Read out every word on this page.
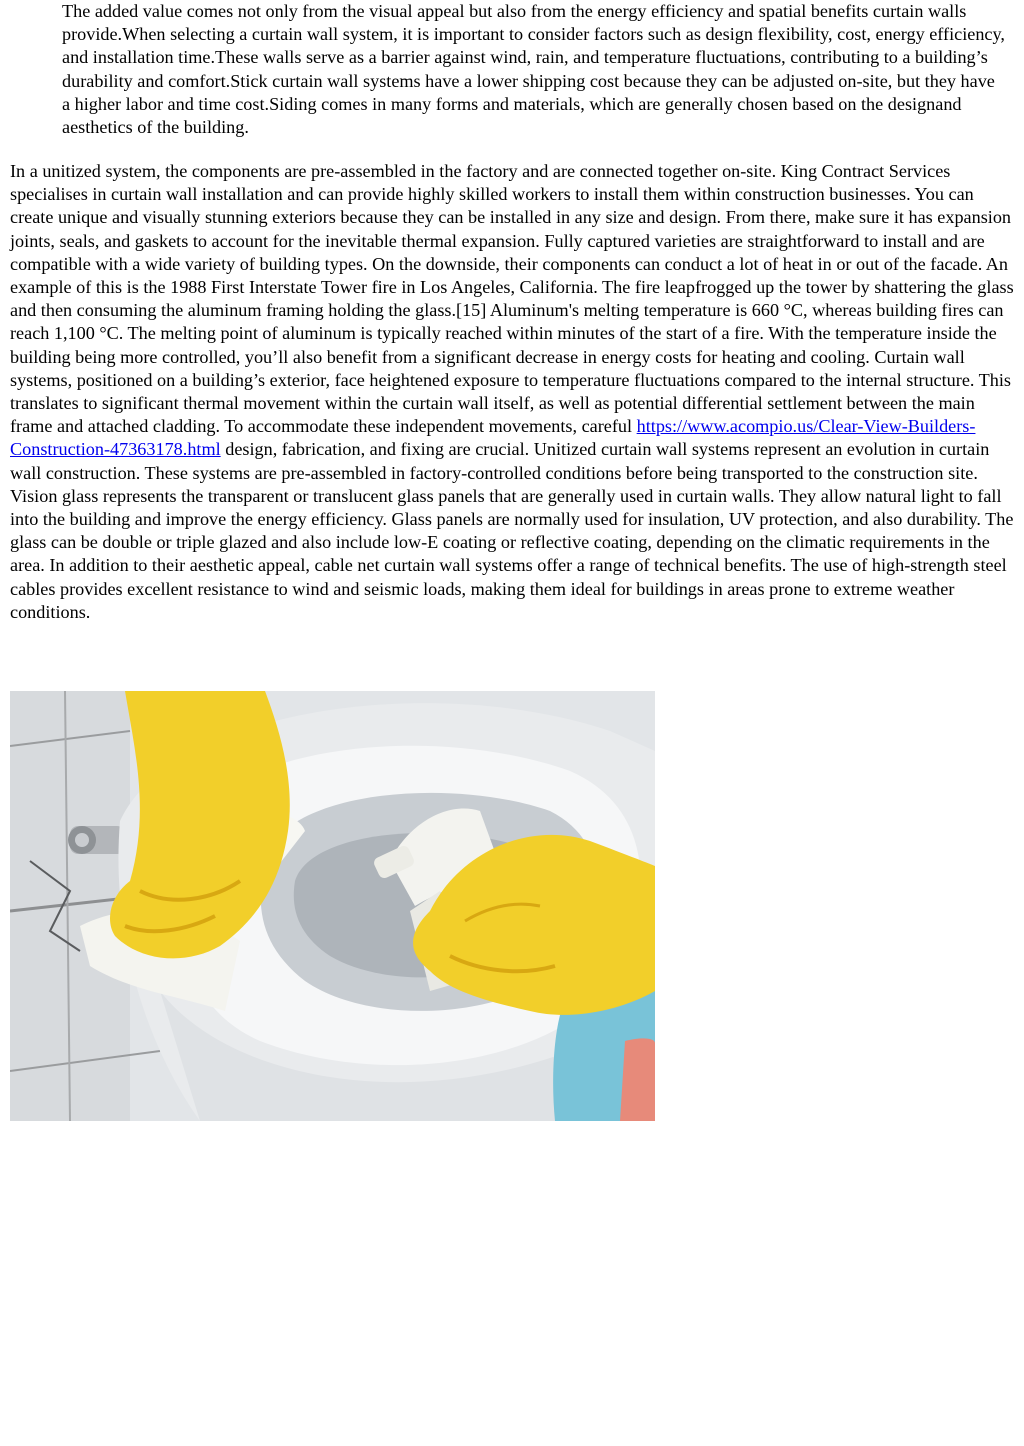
The added value comes not only from the visual appeal but also from the energy efficiency and spatial benefits curtain walls provide.When selecting a curtain wall system, it is important to consider factors such as design flexibility, cost, energy efficiency, and installation time.These walls serve as a barrier against wind, rain, and temperature fluctuations, contributing to a building’s durability and comfort.Stick curtain wall systems have a lower shipping cost because they can be adjusted on-site, but they have a higher labor and time cost.Siding comes in many forms and materials, which are generally chosen based on the designand aesthetics of the building.

In a unitized system, the components are pre-assembled in the factory and are connected together on-site. King Contract Services specialises in curtain wall installation and can provide highly skilled workers to install them within construction businesses. You can create unique and visually stunning exteriors because they can be installed in any size and design. From there, make sure it has expansion joints, seals, and gaskets to account for the inevitable thermal expansion. Fully captured varieties are straightforward to install and are compatible with a wide variety of building types. On the downside, their components can conduct a lot of heat in or out of the facade. An example of this is the 1988 First Interstate Tower fire in Los Angeles, California. The fire leapfrogged up the tower by shattering the glass and then consuming the aluminum framing holding the glass.[15] Aluminum's melting temperature is 660 °C, whereas building fires can reach 1,100 °C. The melting point of aluminum is typically reached within minutes of the start of a fire. With the temperature inside the building being more controlled, you’ll also benefit from a significant decrease in energy costs for heating and cooling. Curtain wall systems, positioned on a building’s exterior, face heightened exposure to temperature fluctuations compared to the internal structure. This translates to significant thermal movement within the curtain wall itself, as well as potential differential settlement between the main frame and attached cladding. To accommodate these independent movements, careful https://www.acompio.us/Clear-View-Builders-Construction-47363178.html design, fabrication, and fixing are crucial. Unitized curtain wall systems represent an evolution in curtain wall construction. These systems are pre-assembled in factory-controlled conditions before being transported to the construction site. Vision glass represents the transparent or translucent glass panels that are generally used in curtain walls. They allow natural light to fall into the building and improve the energy efficiency. Glass panels are normally used for insulation, UV protection, and also durability. The glass can be double or triple glazed and also include low-E coating or reflective coating, depending on the climatic requirements in the area. In addition to their aesthetic appeal, cable net curtain wall systems offer a range of technical benefits. The use of high-strength steel cables provides excellent resistance to wind and seismic loads, making them ideal for buildings in areas prone to extreme weather conditions.
